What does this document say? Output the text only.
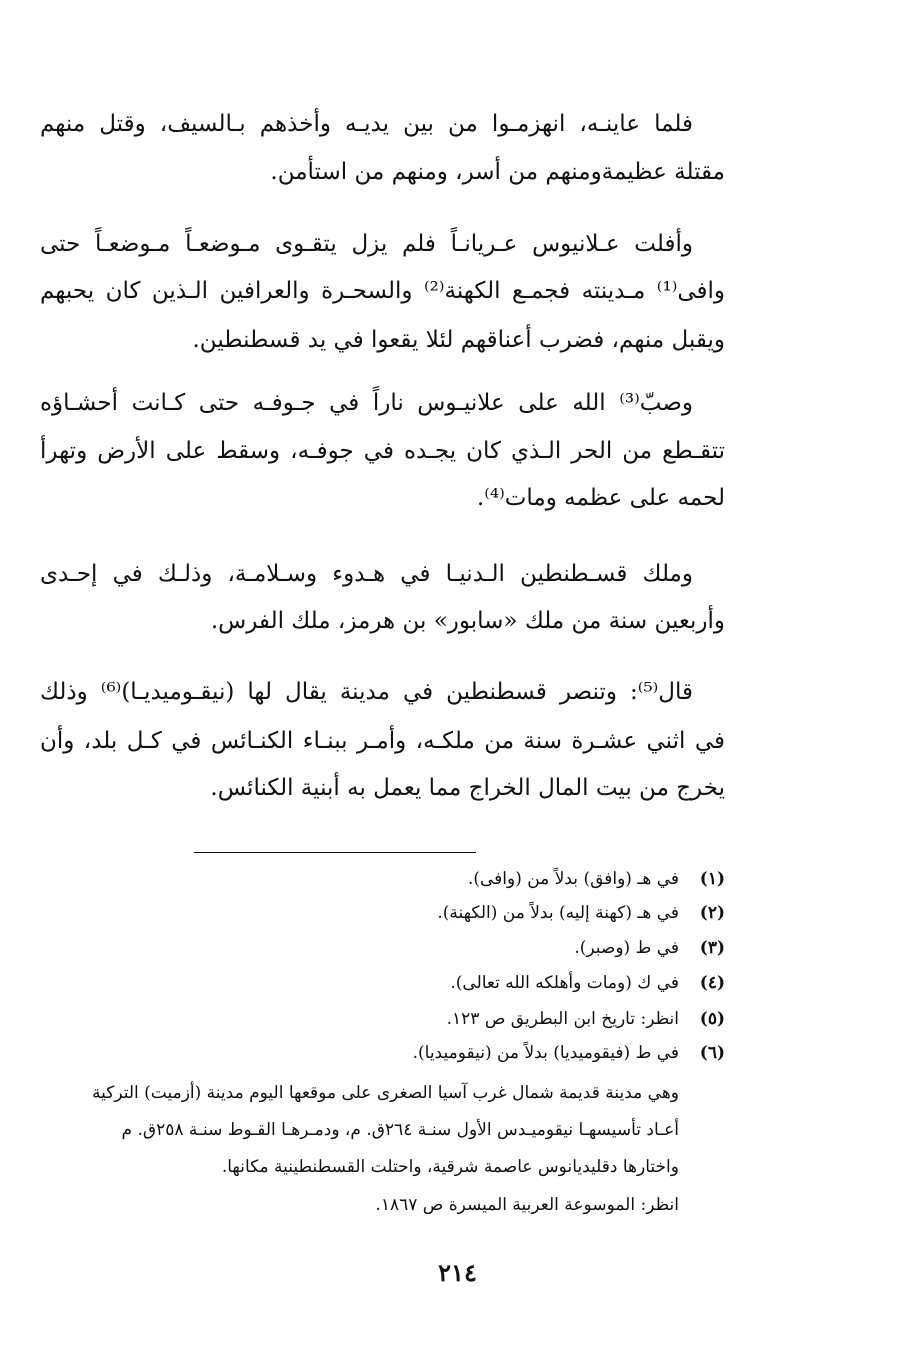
فلما عاينـه، انهزمـوا من بين يديـه وأخذهم بـالسيف، وقتل منهم
مقتلة عظيمةومنهم من أسر، ومنهم من استأمن.
وأفلت عـلانيوس عـريانـاً فلم يزل يتقـوى مـوضعـاً مـوضعـاً حتى
وافى⁽¹⁾ مـدينته فجمـع الكهنة⁽²⁾ والسحـرة والعرافين الـذين كان يحبهم
ويقبل منهم، فضرب أعناقهم لئلا يقعوا في يد قسطنطين.
وصبّ⁽³⁾ الله على علانيـوس ناراً في جـوفـه حتى كـانت أحشـاؤه
تتقـطع من الحر الـذي كان يجـده في جوفـه، وسقط على الأرض وتهرأ
لحمه على عظمه ومات⁽⁴⁾.
وملك قسـطنطين الـدنيـا في هـدوء وسـلامـة، وذلـك في إحـدى
وأربعين سنة من ملك «سابور» بن هرمز، ملك الفرس.
قال⁽⁵⁾: وتنصر قسطنطين في مدينة يقال لها (نيقـوميديـا)⁽⁶⁾ وذلك
في اثني عشـرة سنة من ملكـه، وأمـر ببنـاء الكنـائس في كـل بلد، وأن
يخرج من بيت المال الخراج مما يعمل به أبنية الكنائس.
(١)في هـ (وافق) بدلاً من (وافى).
(٢)في هـ (كهنة إليه) بدلاً من (الكهنة).
(٣)في ط (وصبر).
(٤)في ك (ومات وأهلكه الله تعالى).
(٥)انظر: تاريخ ابن البطريق ص ١٢٣.
(٦)في ط (فيقوميديا) بدلاً من (نيقوميديا).
وهي مدينة قديمة شمال غرب آسيا الصغرى على موقعها اليوم مدينة (أزميت) التركية
أعـاد تأسيسهـا نيقوميـدس الأول سنـة ٢٦٤ق. م، ودمـرهـا القـوط سنـة ٢٥٨ق. م
واختارها دقليديانوس عاصمة شرقية، واحتلت القسطنطينية مكانها.
انظر: الموسوعة العربية الميسرة ص ١٨٦٧.
٢١٤
